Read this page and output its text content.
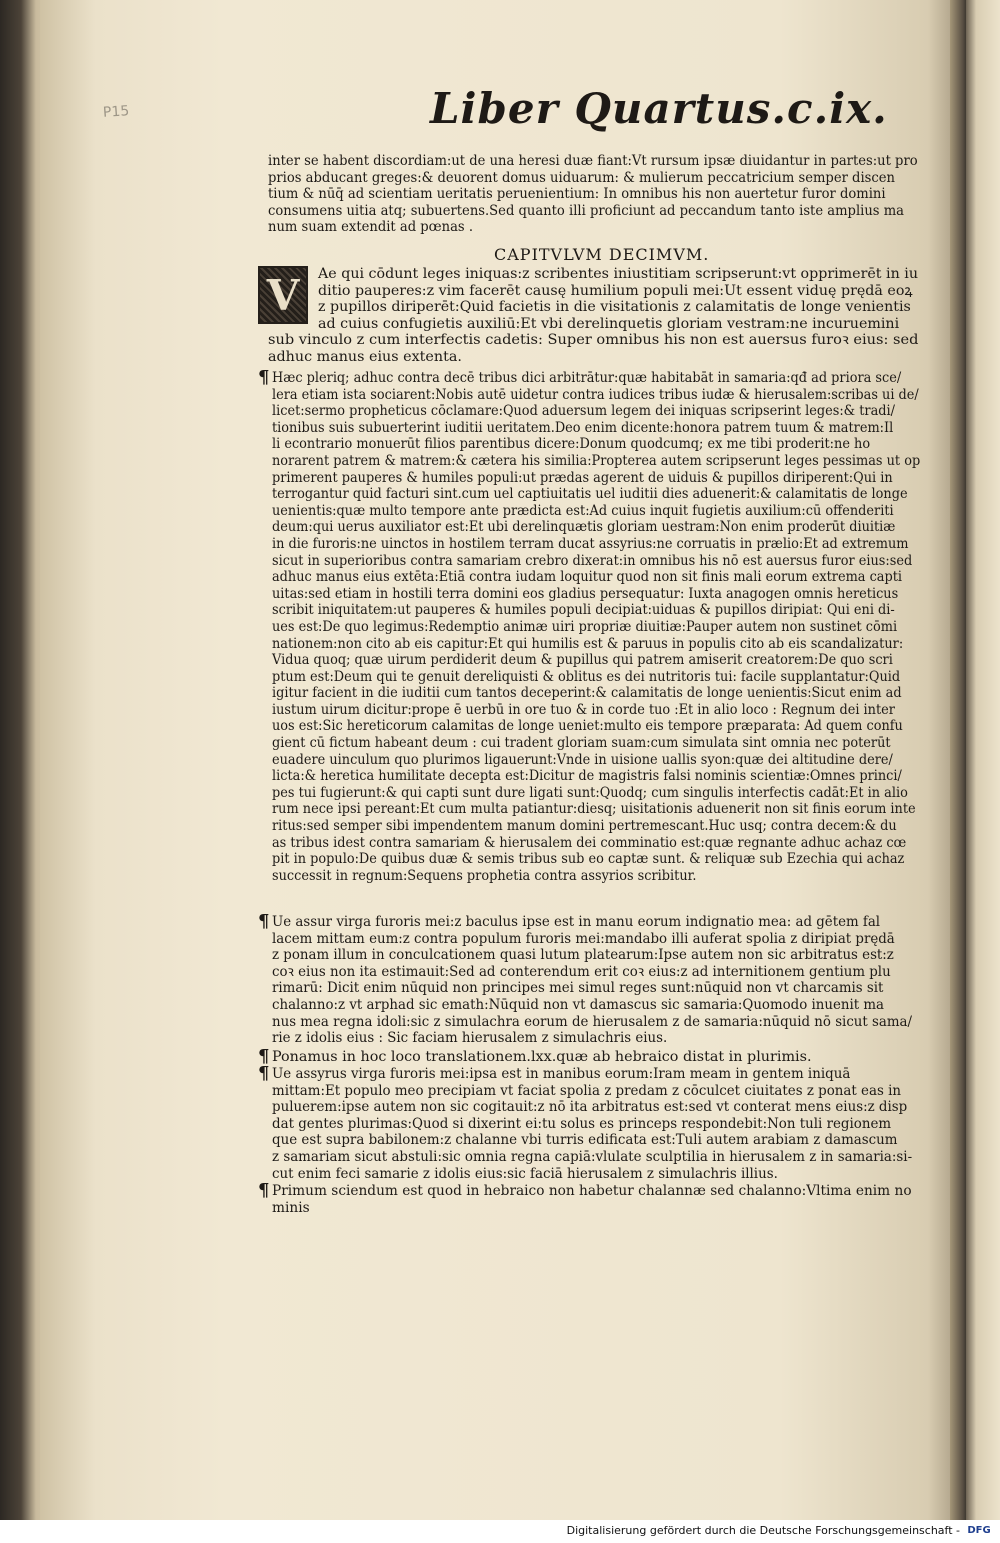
P15	Liber Quartus.c.ix.
inter se habent discordiam:ut de una heresi duæ fiant:Vt rursum ipsæ diuidantur in partes:ut pro
prios abducant greges:& deuorent domus uiduarum: & mulierum peccatricium semper discen
tium & nūq̄ ad scientiam ueritatis peruenientium: In omnibus his non auertetur furor domini
consumens uitia atq; subuertens.Sed quanto illi proficiunt ad peccandum tanto iste amplius ma
num suam extendit ad pœnas .
CAPITVLVM DECIMVM.
V	Ae qui cōdunt leges iniquas:z scribentes iniustitiam scripserunt:vt opprimerēt in iu
ditio pauperes:z vim facerēt causę humilium populi mei:Ut essent viduę prędā eoꝝ
z pupillos diriperēt:Quid facietis in die visitationis z calamitatis de longe venientis
ad cuius confugietis auxiliū:Et vbi derelinquetis gloriam vestram:ne incuruemini
sub vinculo z cum interfectis cadetis: Super omnibus his non est auersus furoꝛ eius: sed
adhuc manus eius extenta.
¶ Hæc pleriq; adhuc contra decē tribus dici arbitrātur:quæ habitabāt in samaria:qđ ad priora sce/
lera etiam ista sociarent:Nobis autē uidetur contra iudices tribus iudæ & hierusalem:scribas ui de/
licet:sermo propheticus cōclamare:Quod aduersum legem dei iniquas scripserint leges:& tradi/
tionibus suis subuerterint iuditii ueritatem.Deo enim dicente:honora patrem tuum & matrem:Il
li econtrario monuerūt filios parentibus dicere:Donum quodcumq; ex me tibi proderit:ne ho
norarent patrem & matrem:& cætera his similia:Propterea autem scripserunt leges pessimas ut op
primerent pauperes & humiles populi:ut prædas agerent de uiduis & pupillos diriperent:Qui in
terrogantur quid facturi sint.cum uel captiuitatis uel iuditii dies aduenerit:& calamitatis de longe
uenientis:quæ multo tempore ante prædicta est:Ad cuius inquit fugietis auxilium:cū offenderiti
deum:qui uerus auxiliator est:Et ubi derelinquætis gloriam uestram:Non enim proderūt diuitiæ
in die furoris:ne uinctos in hostilem terram ducat assyrius:ne corruatis in prælio:Et ad extremum
sicut in superioribus contra samariam crebro dixerat:in omnibus his nō est auersus furor eius:sed
adhuc manus eius extēta:Etiā contra iudam loquitur quod non sit finis mali eorum extrema capti
uitas:sed etiam in hostili terra domini eos gladius persequatur: Iuxta anagogen omnis hereticus
scribit iniquitatem:ut pauperes & humiles populi decipiat:uiduas & pupillos diripiat: Qui eni di-
ues est:De quo legimus:Redemptio animæ uiri propriæ diuitiæ:Pauper autem non sustinet cōmi
nationem:non cito ab eis capitur:Et qui humilis est & paruus in populis cito ab eis scandalizatur:
Vidua quoq; quæ uirum perdiderit deum & pupillus qui patrem amiserit creatorem:De quo scri
ptum est:Deum qui te genuit dereliquisti & oblitus es dei nutritoris tui: facile supplantatur:Quid
igitur facient in die iuditii cum tantos deceperint:& calamitatis de longe uenientis:Sicut enim ad
iustum uirum dicitur:prope ē uerbū in ore tuo & in corde tuo :Et in alio loco : Regnum dei inter
uos est:Sic hereticorum calamitas de longe ueniet:multo eis tempore præparata: Ad quem confu
gient cū fictum habeant deum : cui tradent gloriam suam:cum simulata sint omnia nec poterūt
euadere uinculum quo plurimos ligauerunt:Vnde in uisione uallis syon:quæ dei altitudine dere/
licta:& heretica humilitate decepta est:Dicitur de magistris falsi nominis scientiæ:Omnes princi/
pes tui fugierunt:& qui capti sunt dure ligati sunt:Quodq; cum singulis interfectis cadāt:Et in alio
rum nece ipsi pereant:Et cum multa patiantur:diesq; uisitationis aduenerit non sit finis eorum inte
ritus:sed semper sibi impendentem manum domini pertremescant.Huc usq; contra decem:& du
as tribus idest contra samariam & hierusalem dei comminatio est:quæ regnante adhuc achaz cœ
pit in populo:De quibus duæ & semis tribus sub eo captæ sunt. & reliquæ sub Ezechia qui achaz
successit in regnum:Sequens prophetia contra assyrios scribitur.
¶ Ue assur virga furoris mei:z baculus ipse est in manu eorum indignatio mea: ad gētem fal
lacem mittam eum:z contra populum furoris mei:mandabo illi auferat spolia z diripiat prędā
z ponam illum in conculcationem quasi lutum platearum:Ipse autem non sic arbitratus est:z
coꝛ eius non ita estimauit:Sed ad conterendum erit coꝛ eius:z ad internitionem gentium plu
rimarū: Dicit enim nūquid non principes mei simul reges sunt:nūquid non vt charcamis sit
chalanno:z vt arphad sic emath:Nūquid non vt damascus sic samaria:Quomodo inuenit ma
nus mea regna idoli:sic z simulachra eorum de hierusalem z de samaria:nūquid nō sicut sama/
rie z idolis eius : Sic faciam hierusalem z simulachris eius.
¶ Ponamus in hoc loco translationem.lxx.quæ ab hebraico distat in plurimis.
¶ Ue assyrus virga furoris mei:ipsa est in manibus eorum:Iram meam in gentem iniquā
mittam:Et populo meo precipiam vt faciat spolia z predam z cōculcet ciuitates z ponat eas in
puluerem:ipse autem non sic cogitauit:z nō ita arbitratus est:sed vt conterat mens eius:z disp
dat gentes plurimas:Quod si dixerint ei:tu solus es princeps respondebit:Non tuli regionem
que est supra babilonem:z chalanne vbi turris edificata est:Tuli autem arabiam z damascum
z samariam sicut abstuli:sic omnia regna capiā:vlulate sculptilia in hierusalem z in samaria:si-
cut enim feci samarie z idolis eius:sic faciā hierusalem z simulachris illius.
¶ Primum sciendum est quod in hebraico non habetur chalannæ sed chalanno:Vltima enim no
minis
Digitalisierung gefördert durch die Deutsche Forschungsgemeinschaft - DFG
